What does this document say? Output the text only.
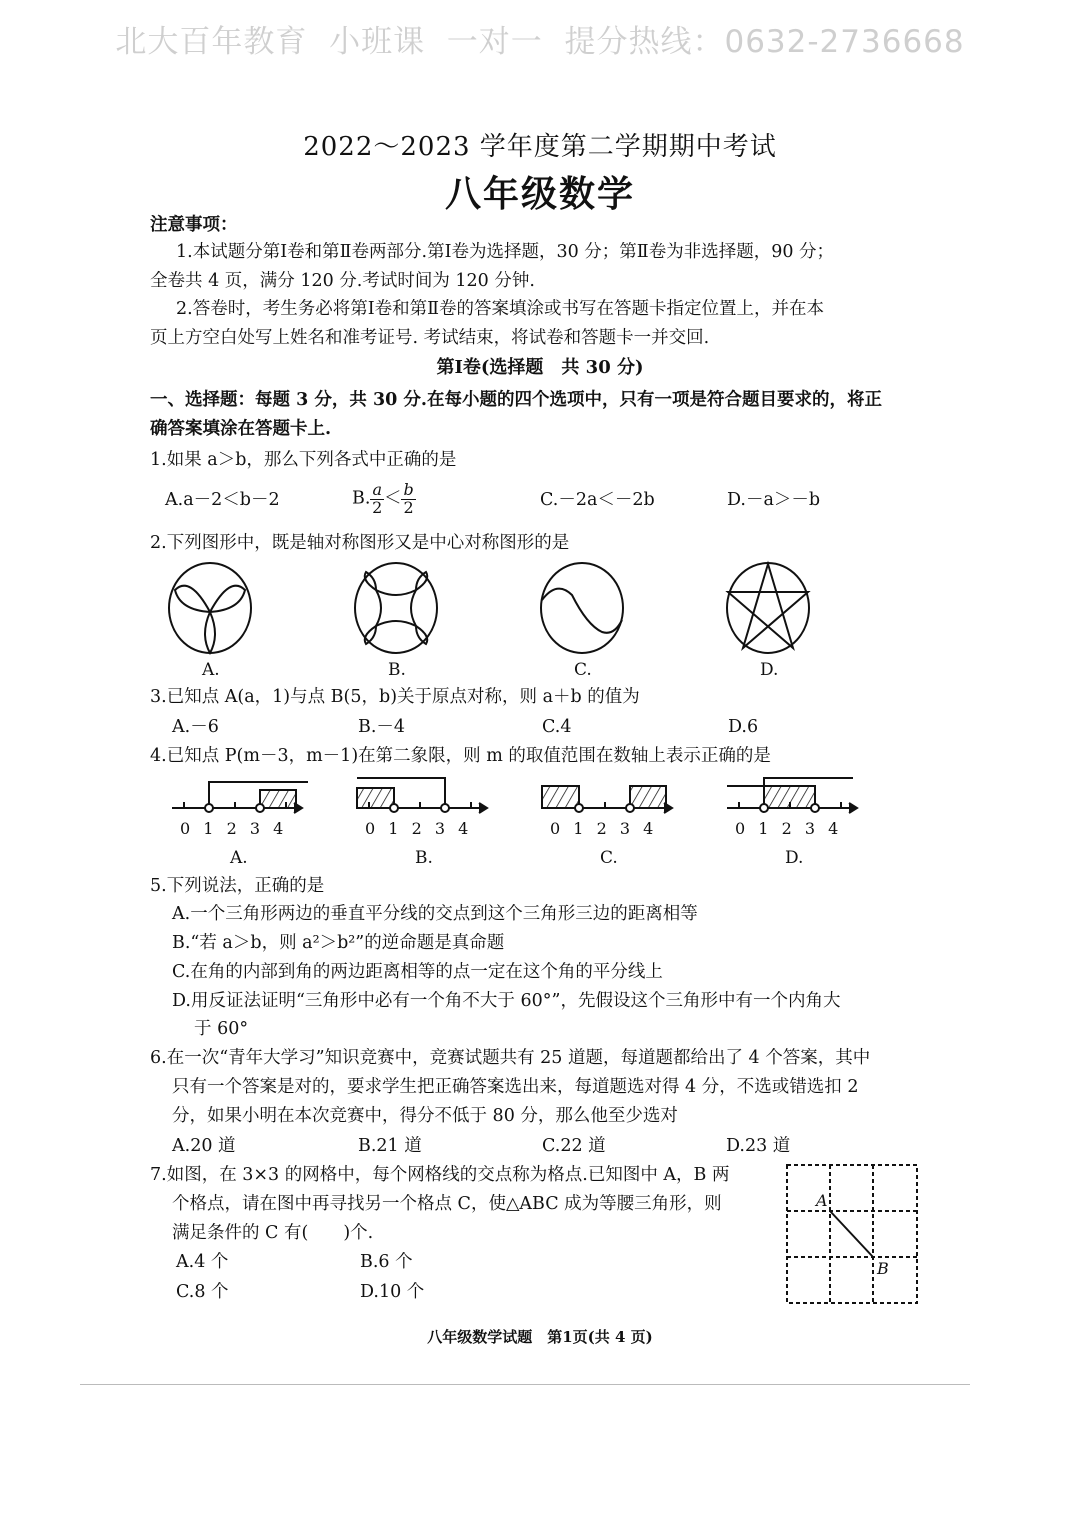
北大百年教育  小班课  一对一  提分热线：0632-2736668
2022～2023 学年度第二学期期中考试
八年级数学
注意事项：
1.本试题分第Ⅰ卷和第Ⅱ卷两部分.第Ⅰ卷为选择题，30 分；第Ⅱ卷为非选择题，90 分；
全卷共 4 页，满分 120 分.考试时间为 120 分钟.
2.答卷时，考生务必将第Ⅰ卷和第Ⅱ卷的答案填涂或书写在答题卡指定位置上，并在本
页上方空白处写上姓名和准考证号. 考试结束，将试卷和答题卡一并交回.
第Ⅰ卷(选择题　共 30 分)
一、选择题：每题 3 分，共 30 分.在每小题的四个选项中，只有一项是符合题目要求的，将正
确答案填涂在答题卡上.
1.如果 a＞b，那么下列各式中正确的是
A.a－2＜b－2	B. $\frac{a}{2} < \frac{b}{2}$	C.－2a＜－2b	D.－a＞－b
2.下列图形中，既是轴对称图形又是中心对称图形的是
A.	B.	C.	D.
3.已知点 A(a，1)与点 B(5，b)关于原点对称，则 a＋b 的值为
A.－6	B.－4	C.4	D.6
4.已知点 P(m－3，m－1)在第二象限，则 m 的取值范围在数轴上表示正确的是
0 1 2 3 4	0 1 2 3 4	0 1 2 3 4	0 1 2 3 4
A.	B.	C.	D.
5.下列说法，正确的是
A.一个三角形两边的垂直平分线的交点到这个三角形三边的距离相等
B.“若 a＞b，则 a²＞b²”的逆命题是真命题
C.在角的内部到角的两边距离相等的点一定在这个角的平分线上
D.用反证法证明“三角形中必有一个角不大于 60°”，先假设这个三角形中有一个内角大
于 60°
6.在一次“青年大学习”知识竞赛中，竞赛试题共有 25 道题，每道题都给出了 4 个答案，其中
只有一个答案是对的，要求学生把正确答案选出来，每道题选对得 4 分，不选或错选扣 2
分，如果小明在本次竞赛中，得分不低于 80 分，那么他至少选对
A.20 道	B.21 道	C.22 道	D.23 道
7.如图，在 3×3 的网格中，每个网格线的交点称为格点.已知图中 A，B 两
个格点，请在图中再寻找另一个格点 C，使△ABC 成为等腰三角形，则
满足条件的 C 有(　　)个.
A.4 个	B.6 个
C.8 个	D.10 个
A
B
八年级数学试题　第1页(共 4 页)
